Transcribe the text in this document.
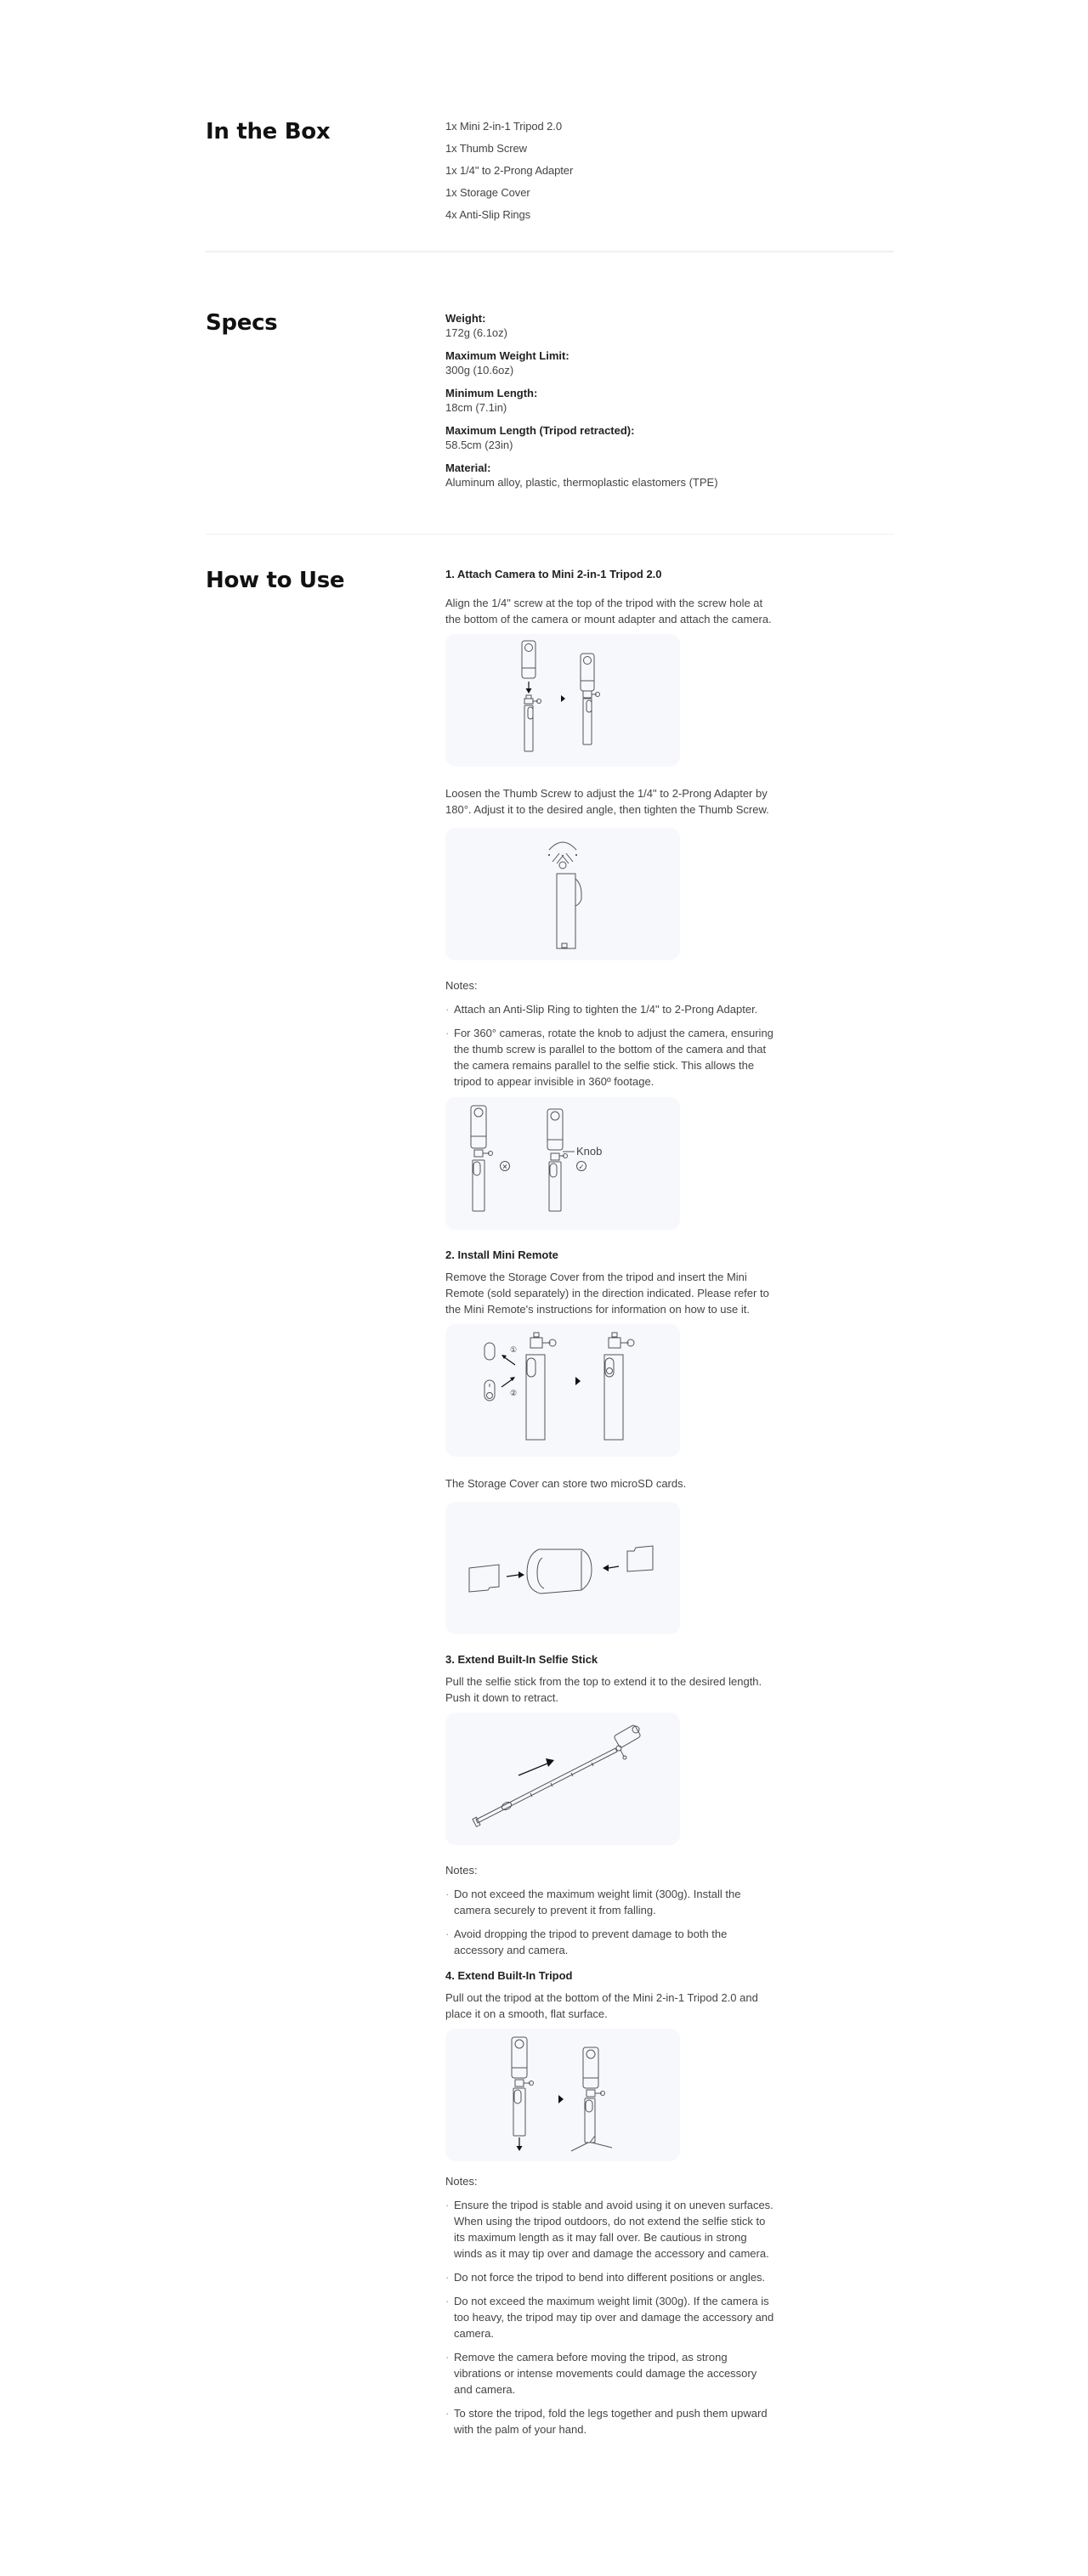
In the Box	1x Mini 2-in-1 Tripod 2.0
1x Thumb Screw
1x 1/4" to 2-Prong Adapter
1x Storage Cover
4x Anti-Slip Rings
Specs	Weight:
172g (6.1oz)
Maximum Weight Limit:
300g (10.6oz)
Minimum Length:
18cm (7.1in)
Maximum Length (Tripod retracted):
58.5cm (23in)
Material:
Aluminum alloy, plastic, thermoplastic elastomers (TPE)
How to Use	1. Attach Camera to Mini 2-in-1 Tripod 2.0
Align the 1/4" screw at the top of the tripod with the screw hole at the bottom of the camera or mount adapter and attach the camera.
Loosen the Thumb Screw to adjust the 1/4" to 2-Prong Adapter by 180°. Adjust it to the desired angle, then tighten the Thumb Screw.
Notes:
· Attach an Anti-Slip Ring to tighten the 1/4" to 2-Prong Adapter.
· For 360° cameras, rotate the knob to adjust the camera, ensuring the thumb screw is parallel to the bottom of the camera and that the camera remains parallel to the selfie stick. This allows the tripod to appear invisible in 360º footage.
✕
Knob
✓
2. Install Mini Remote
Remove the Storage Cover from the tripod and insert the Mini Remote (sold separately) in the direction indicated. Please refer to the Mini Remote's instructions for information on how to use it.
①
②
The Storage Cover can store two microSD cards.
3. Extend Built-In Selfie Stick
Pull the selfie stick from the top to extend it to the desired length. Push it down to retract.
Notes:
· Do not exceed the maximum weight limit (300g). Install the camera securely to prevent it from falling.
· Avoid dropping the tripod to prevent damage to both the accessory and camera.
4. Extend Built-In Tripod
Pull out the tripod at the bottom of the Mini 2-in-1 Tripod 2.0 and place it on a smooth, flat surface.
Notes:
· Ensure the tripod is stable and avoid using it on uneven surfaces. When using the tripod outdoors, do not extend the selfie stick to its maximum length as it may fall over. Be cautious in strong winds as it may tip over and damage the accessory and camera.
· Do not force the tripod to bend into different positions or angles.
· Do not exceed the maximum weight limit (300g). If the camera is too heavy, the tripod may tip over and damage the accessory and camera.
· Remove the camera before moving the tripod, as strong vibrations or intense movements could damage the accessory and camera.
· To store the tripod, fold the legs together and push them upward with the palm of your hand.
